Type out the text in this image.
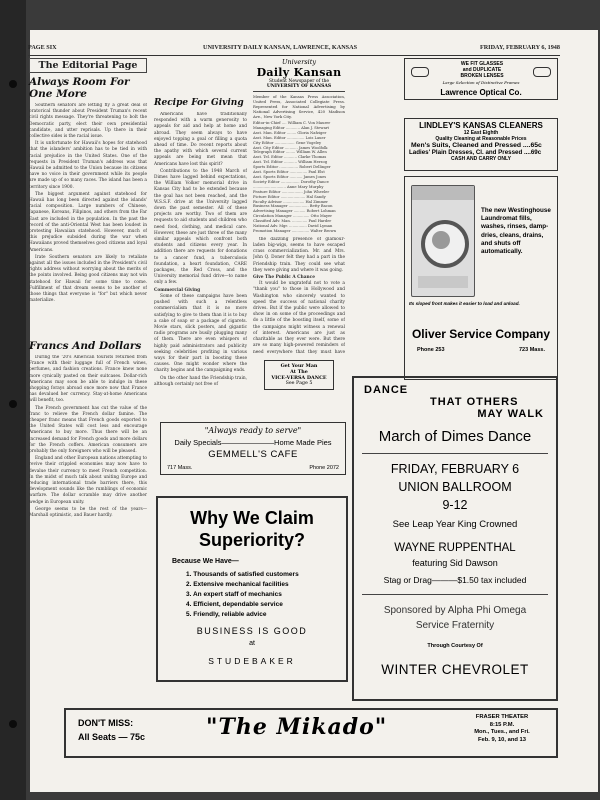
PAGE SIX	UNIVERSITY DAILY KANSAN, LAWRENCE, KANSAS	FRIDAY, FEBRUARY 6, 1948
The Editorial Page
Always Room For One More

Southern senators are letting fly a great deal of oratorical thunder about President Truman's recent civil rights message. They're threatening to bolt the Democratic party, elect their own presidential candidate, and utter reprisals. Up there in their collective sides is the racial issue.

It is unfortunate for Hawaii's hopes for statehood that the islanders' ambition has to be tied in with racial prejudice in the United States. One of the requests in President Truman's address was that Hawaii be admitted to the Union because its citizens have no voice in their government while its people are made up of so many races. The island has been a territory since 1900.

The biggest argument against statehood for Hawaii has long been directed against the islands' racial composition. Large numbers of Chinese, Japanese, Koreans, Filipinos, and others from the Far East are included in the population. In the past the record of the anti-Oriental West has been loudest in protesting Hawaiian statehood. However, much of this prejudice subsided during the war when Hawaiians proved themselves good citizens and loyal Americans.

Irate Southern senators are likely to retaliate against all the issues included in the President's civil rights address without worrying about the merits of the points involved. Being good citizens may not win statehood for Hawaii for some time to come. Fulfillment of that dream seems to be another of those things that everyone is "for" but which never materialize.

Francs And Dollars

During the '20's American tourists returned from France with their luggage full of French wines, perfumes, and fashion creations. France knew none more cynically pasted on their suitcases. Dollar-rich Americans may soon be able to indulge in these shopping forays abroad once more now that France has devalued her currency. Stay-at-home Americans will benefit, too.

The French government has cut the value of the franc to relieve the French dollar famine. The cheaper franc means that French goods exported to the United States will cost less and encourage Americans to buy more. Thus there will be an increased demand for French goods and more dollars for the French coffers. American consumers are probably the only foreigners who will be pleased.

England and other European nations attempting to revive their crippled economies may now have to devalue their currency to meet French competition. In the midst of much talk about uniting Europe and reducing international trade barriers there, this development sounds like the rumblings of economic warfare. The dollar scramble may drive another wedge in European unity.

George seems to be the rest of the years—Marshall optimistic, and Bauer hardly.

Recipe For Giving

Americans have traditionally responded with a warm generosity to appeals for aid and help at home and abroad. They seem always to have enjoyed topping a goal or filling a quota ahead of time. Do recent reports about the apathy with which several current appeals are being met mean that Americans have lost this spirit?

Contributions to the 1948 March of Dimes have lagged behind expectations, the William Volker memorial drive in Kansas City had to be extended because the goal has not been reached, and the W.S.S.F. drive at the University lagged down the past semester. All of these projects are worthy. Two of them are requests to aid students and children who need food, clothing, and medical care. However, these are just three of the many similar appeals which confront both students and citizens every year. In addition there are requests for donations to a cancer fund, a tuberculosis foundation, a heart foundation, CARE packages, the Red Cross, and the University memorial fund drive—to name only a few.

Commercial Giving

Some of these campaigns have been pushed with such a relentless commercialism that it is no more satisfying to give to them than it is to buy a cake of soap or a package of cigarets. Movie stars, slick posters, and gigantic radio programs are busily plugging many of them. There are even whispers of highly paid administrators and publicity seeking celebrities profiting in various ways for their part in boosting these causes. One might wonder where the charity begins and the campaigning ends.

On the other hand the Friendship train, although certainly not free of

University
Daily Kansan
Student Newspaper of the
UNIVERSITY OF KANSAS
Member of the Kansas Press Association, United Press, Associated Collegiate Press. Represented for National Advertising by National Advertising Service, 420 Madison Ave., New York City.
Editor-in-Chief .... William C. Von Maurer
Managing Editor ............ Alan J. Stewart
Asst. Man. Editor ........ Gloria Nafziger
Asst. Man. Editor ............... Lois Lauer
City Editor ................. Gene Vogeley
Asst. City Editor ........... James Woolfolk
Telegraph Editor ........ William W. Allen
Asst. Tel. Editor ........... Clarke Thomas
Asst. Tel. Editor ........... William Herzog
Sports Editor ................ Robert Dellinger
Asst. Sports Editor ............... Paul Elst
Asst. Sports Editor ........... James Jones
Society Editor ................ Dorothy Dance
............................ Anne Mary Murphy
Feature Editor .................. John Wheeler
Picture Editor ..................... Hal Sandy
Faculty Advisor .................. Hal Zimmer
Business Manager ................. Betty Bacon
Advertising Manager .......... Robert Lohman
Circulation Manager .............. Otto Mayer
Classified Adv. Man. ............. Paul Harder
National Adv. Mgr. ............... David Lyman
Promotion Manager ............... Walter Brown

the dazzling presence of glamour-laden big-wigs, seems to have escaped crass commercialization. Mr. and Mrs. John Q. Doner felt they had a part in the Friendship train. They could see what they were giving and where it was going.

Give The Public A Chance

It would be ungrateful not to vote a "thank you" to those in Hollywood and Washington who sincerely wanted to speed the success of national charity drives. But if the public were allowed to show in on some of the proceedings and do a little of the boosting itself, some of the campaigns might witness a renewal of interest. Americans are just as charitable as they ever were. But there are so many high-powered reminders of need everywhere that they must have

Get Your Man
At The
VICE-VERSA DANCE
See Page 5
WE FIT GLASSES
and DUPLICATE
BROKEN LENSES
Large Selection of Distinctive Frames
Lawrence Optical Co.
LINDLEY'S KANSAS CLEANERS
12 East Eighth
Quality Cleaning at Reasonable Prices
Men's Suits, Cleaned and Pressed ....65c
Ladies' Plain Dresses, Cl. and Pressed ....69c
CASH AND CARRY ONLY
The new Westinghouse Laundromat fills, washes, rinses, damp-dries, cleans, drains, and shuts off automatically.
Its sloped front makes it easier to load and unload.
Oliver Service Company
Phone 253	723 Mass.
DANCE
THAT OTHERS
MAY WALK
March of Dimes Dance
FRIDAY, FEBRUARY 6
UNION BALLROOM
9-12
See Leap Year King Crowned
WAYNE RUPPENTHAL
featuring Sid Dawson
Stag or Drag———$1.50 tax included
Sponsored by Alpha Phi Omega
Service Fraternity
Through Courtesy Of
WINTER CHEVROLET
"Always ready to serve"
Daily Specials———————Home Made Pies
GEMMELL'S CAFE
717 Mass.	Phone 2072
Why We Claim
Superiority?
Because We Have—
1. Thousands of satisfied customers
2. Extensive mechanical facilities
3. An expert staff of mechanics
4. Efficient, dependable service
5. Friendly, reliable advice
BUSINESS IS GOOD
at
STUDEBAKER
DON'T MISS:
All Seats — 75c	"The Mikado"	FRASER THEATER
8:15 P.M.
Mon., Tues., and Fri.
Feb. 9, 10, and 13
